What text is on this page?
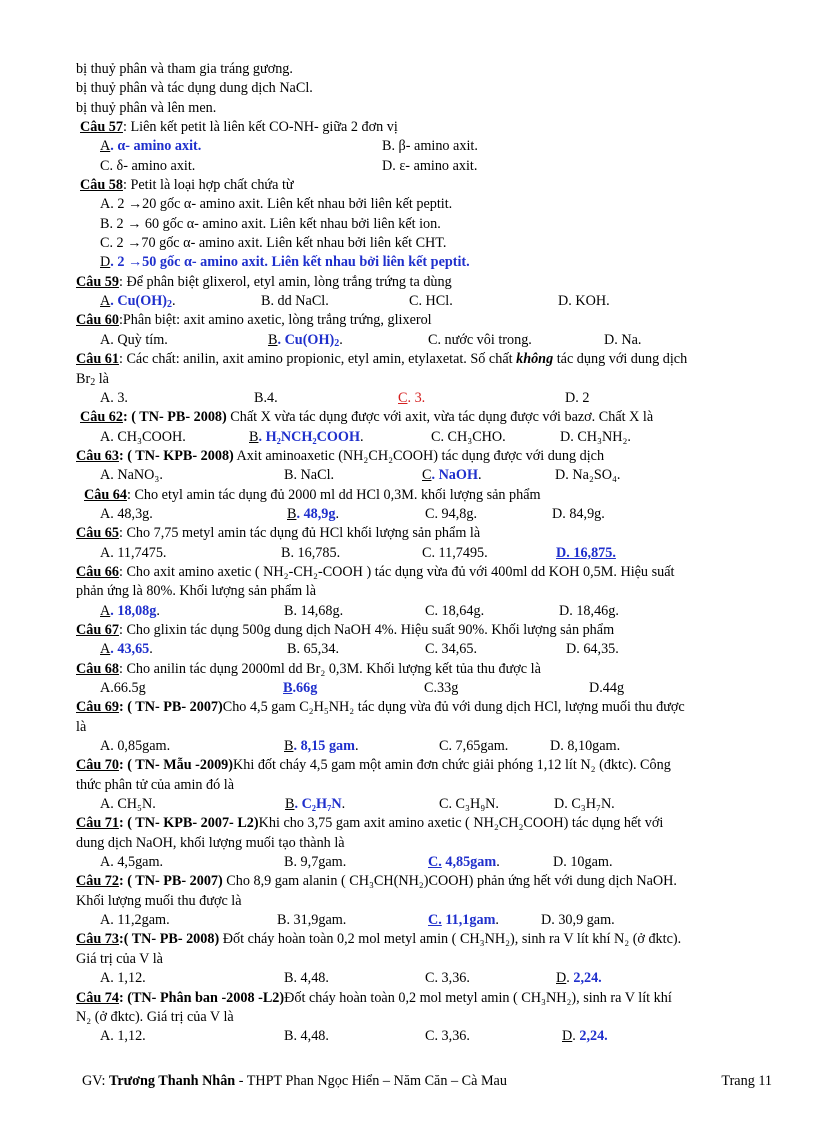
bị thuỷ phân và tham gia tráng gương.
bị thuỷ phân và tác dụng dung dịch NaCl.
bị thuỷ phân và lên men.
Câu 57: Liên kết petit là liên kết CO-NH- giữa 2 đơn vị
A. α- amino axit.	B. β- amino axit.
C. δ- amino axit.	D. ε- amino axit.
Câu 58: Petit là loại hợp chất chứa từ
A. 2 →20 gốc α- amino axit. Liên kết nhau bởi liên kết peptit.
B. 2 → 60 gốc α- amino axit. Liên kết nhau bởi liên kết ion.
C. 2 →70 gốc α- amino axit. Liên kết nhau bởi liên kết CHT.
D. 2 →50 gốc α- amino axit. Liên kết nhau bởi liên kết peptit.
Câu 59: Để phân biệt glixerol, etyl amin, lòng trắng trứng ta dùng
A. $Cu(OH)_2$.	B. dd NaCl.	C. HCl.	D. KOH.
Câu 60:Phân biệt: axit amino axetic, lòng trắng trứng, glixerol
A. Quỳ tím.	B. $Cu(OH)_2$.	C. nước vôi trong.	D. Na.
Câu 61: Các chất: anilin, axit amino propionic, etyl amin, etylaxetat. Số chất không tác dụng với dung dịch
$Br_2$ là
A. 3.	B.4.	C. 3.	D. 2
Câu 62: ( TN- PB- 2008) Chất X vừa tác dụng được với axit, vừa tác dụng được với bazơ. Chất X là
A. CH₃COOH.	B. H₂NCH₂COOH.	C. CH₃CHO.	D. CH₃NH₂.
Câu 63: ( TN- KPB- 2008) Axit aminoaxetic (NH₂CH₂COOH) tác dụng được với dung dịch
A. NaNO₃.	B. NaCl.	C. NaOH.	D. Na₂SO₄.
Câu 64: Cho etyl amin tác dụng đủ 2000 ml dd HCl 0,3M. khối lượng sản phẩm
A. 48,3g.	B. 48,9g.	C. 94,8g.	D. 84,9g.
Câu 65: Cho 7,75 metyl amin tác dụng đủ HCl khối lượng sản phẩm là
A. 11,7475.	B. 16,785.	C. 11,7495.	D. 16,875.
Câu 66: Cho axit amino axetic ( NH₂-CH₂-COOH ) tác dụng vừa đủ với 400ml dd KOH 0,5M. Hiệu suất
phản ứng là 80%. Khối lượng sản phẩm là
A. 18,08g.	B. 14,68g.	C. 18,64g.	D. 18,46g.
Câu 67: Cho glixin tác dụng 500g dung dịch NaOH 4%. Hiệu suất 90%. Khối lượng sản phẩm
A. 43,65.	B. 65,34.	C. 34,65.	D. 64,35.
Câu 68: Cho anilin tác dụng 2000ml dd Br₂ 0,3M. Khối lượng kết tủa thu được là
A.66.5g	B.66g	C.33g	D.44g
Câu 69: ( TN- PB- 2007)Cho 4,5 gam C₂H₅NH₂ tác dụng vừa đủ với dung dịch HCl, lượng muối thu được
là
A. 0,85gam.	B. 8,15 gam.	C. 7,65gam.	D. 8,10gam.
Câu 70: ( TN- Mẫu -2009)Khi đốt cháy 4,5 gam một amin đơn chức giải phóng 1,12 lít N₂ (đktc). Công
thức phân tử của amin đó là
A. CH₅N.	B. C₂H₇N.	C. C₃H₉N.	D. C₃H₇N.
Câu 71: ( TN- KPB- 2007- L2)Khi cho 3,75 gam axit amino axetic ( NH₂CH₂COOH) tác dụng hết với
dung dịch NaOH, khối lượng muối tạo thành là
A. 4,5gam.	B. 9,7gam.	C. 4,85gam.	D. 10gam.
Câu 72: ( TN- PB- 2007) Cho 8,9 gam alanin ( CH₃CH(NH₂)COOH) phản ứng hết với dung dịch NaOH.
Khối lượng muối thu được là
A. 11,2gam.	B. 31,9gam.	C. 11,1gam.	D. 30,9 gam.
Câu 73:( TN- PB- 2008) Đốt cháy hoàn toàn 0,2 mol metyl amin ( CH₃NH₂), sinh ra V lít khí N₂ (ở đktc).
Giá trị của V là
A. 1,12.	B. 4,48.	C. 3,36.	D. 2,24.
Câu 74: (TN- Phân ban -2008 -L2)Đốt cháy hoàn toàn 0,2 mol metyl amin ( CH₃NH₂), sinh ra V lít khí
N₂ (ở đktc). Giá trị của V là
A. 1,12.	B. 4,48.	C. 3,36.	D. 2,24.
GV: Trương Thanh Nhân - THPT Phan Ngọc Hiển – Năm Căn – Cà Mau	Trang 11
